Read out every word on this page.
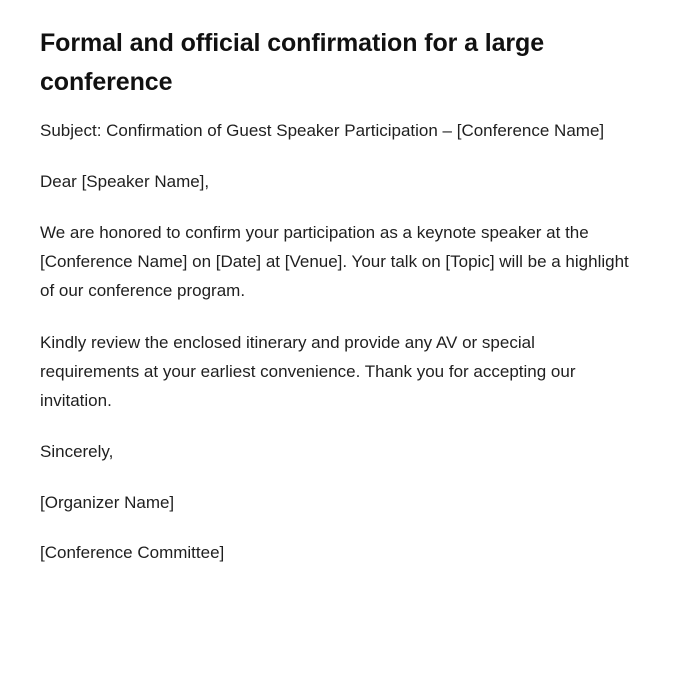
Formal and official confirmation for a large conference

Subject: Confirmation of Guest Speaker Participation – [Conference Name]

Dear [Speaker Name],

We are honored to confirm your participation as a keynote speaker at the [Conference Name] on [Date] at [Venue]. Your talk on [Topic] will be a highlight of our conference program.

Kindly review the enclosed itinerary and provide any AV or special requirements at your earliest convenience. Thank you for accepting our invitation.

Sincerely,

[Organizer Name]

[Conference Committee]
